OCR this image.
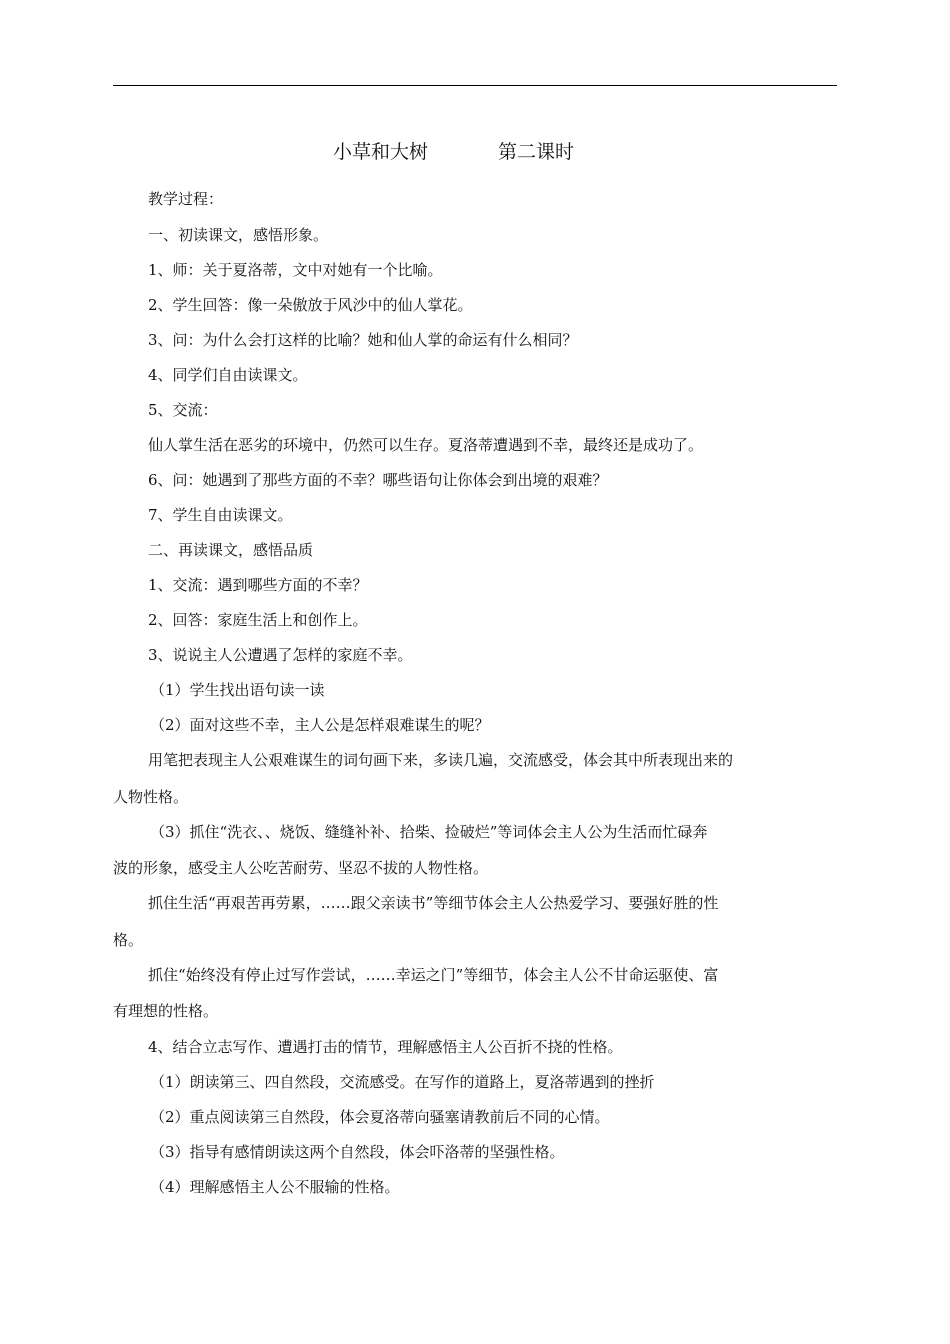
小草和大树	第二课时
教学过程：
一、初读课文，感悟形象。
1、师：关于夏洛蒂，文中对她有一个比喻。
2、学生回答：像一朵傲放于风沙中的仙人掌花。
3、问：为什么会打这样的比喻？她和仙人掌的命运有什么相同？
4、同学们自由读课文。
5、交流：
仙人掌生活在恶劣的环境中，仍然可以生存。夏洛蒂遭遇到不幸，最终还是成功了。
6、问：她遇到了那些方面的不幸？哪些语句让你体会到出境的艰难？
7、学生自由读课文。
二、再读课文，感悟品质
1、交流：遇到哪些方面的不幸？
2、回答：家庭生活上和创作上。
3、说说主人公遭遇了怎样的家庭不幸。
（1）学生找出语句读一读
（2）面对这些不幸，主人公是怎样艰难谋生的呢？
用笔把表现主人公艰难谋生的词句画下来，多读几遍，交流感受，体会其中所表现出来的
人物性格。
（3）抓住“洗衣、、烧饭、缝缝补补、拾柴、捡破烂”等词体会主人公为生活而忙碌奔
波的形象，感受主人公吃苦耐劳、坚忍不拔的人物性格。
抓住生活“再艰苦再劳累，……跟父亲读书”等细节体会主人公热爱学习、要强好胜的性
格。
抓住“始终没有停止过写作尝试，……幸运之门”等细节，体会主人公不甘命运驱使、富
有理想的性格。
4、结合立志写作、遭遇打击的情节，理解感悟主人公百折不挠的性格。
（1）朗读第三、四自然段，交流感受。在写作的道路上，夏洛蒂遇到的挫折
（2）重点阅读第三自然段，体会夏洛蒂向骚塞请教前后不同的心情。
（3）指导有感情朗读这两个自然段，体会吓洛蒂的坚强性格。
（4）理解感悟主人公不服输的性格。
